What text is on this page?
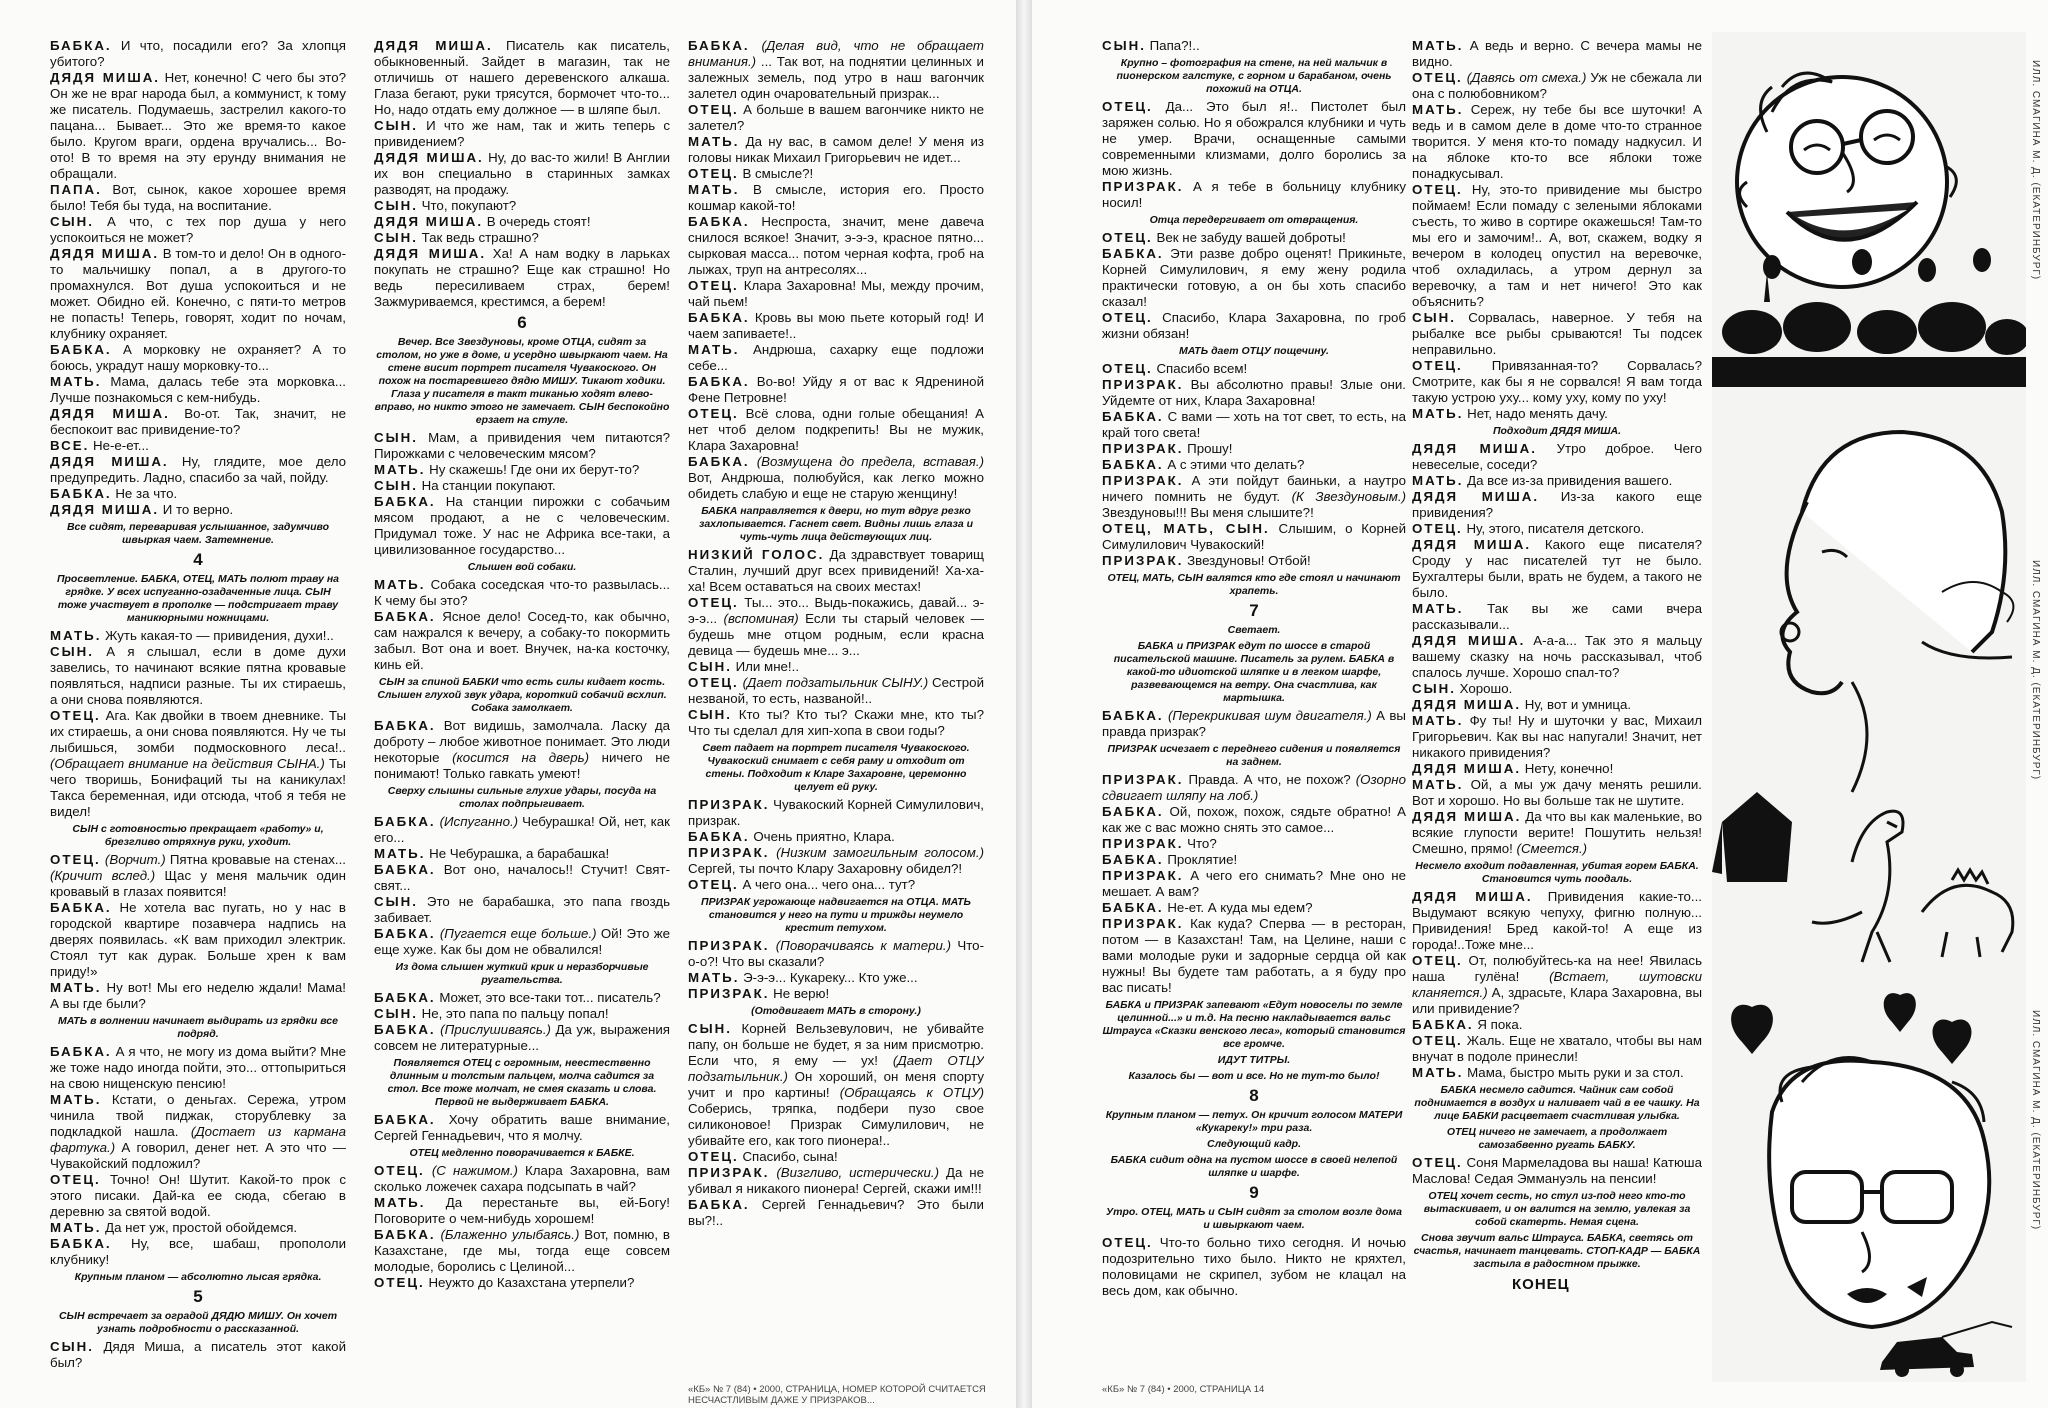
БАБКА. И что, посадили его? За хлопця убитого?

ДЯДЯ МИША. Нет, конечно! С чего бы это? Он же не враг народа был, а коммунист, к тому же писатель. Подумаешь, застрелил какого-то пацана... Бывает... Это же время-то какое было. Кругом враги, ордена вручались... Во-ото! В то время на эту ерунду внимания не обращали.

ПАПА. Вот, сынок, какое хорошее время было! Тебя бы туда, на воспитание.

СЫН. А что, с тех пор душа у него успокоиться не может?

ДЯДЯ МИША. В том-то и дело! Он в одного-то мальчишку попал, а в другого-то промахнулся. Вот душа успокоиться и не может. Обидно ей. Конечно, с пяти-то метров не попасть! Теперь, говорят, ходит по ночам, клубнику охраняет.

БАБКА. А морковку не охраняет? А то боюсь, украдут нашу морковку-то...

МАТЬ. Мама, далась тебе эта морковка... Лучше познакомься с кем-нибудь.

ДЯДЯ МИША. Во-от. Так, значит, не беспокоит вас привидение-то?

ВСЕ. Не-е-ет...

ДЯДЯ МИША. Ну, глядите, мое дело предупредить. Ладно, спасибо за чай, пойду.

БАБКА. Не за что.

ДЯДЯ МИША. И то верно.

Все сидят, переваривая услышанное, задумчиво швыркая чаем. Затемнение.

4

Просветление. БАБКА, ОТЕЦ, МАТЬ полют траву на грядке. У всех испуганно-озадаченные лица. СЫН тоже участвует в прополке — подстригает траву маникюрными ножницами.

МАТЬ. Жуть какая-то — привидения, духи!..

СЫН. А я слышал, если в доме духи завелись, то начинают всякие пятна кровавые появляться, надписи разные. Ты их стираешь, а они снова появляются.

ОТЕЦ. Ага. Как двойки в твоем дневнике. Ты их стираешь, а они снова появляются. Ну че ты лыбишься, зомби подмосковного леса!.. (Обращает внимание на действия СЫНА.) Ты чего творишь, Бонифаций ты на каникулах! Такса беременная, иди отсюда, чтоб я тебя не видел!

СЫН с готовностью прекращает «работу» и, брезгливо отряхнув руки, уходит.

ОТЕЦ. (Ворчит.) Пятна кровавые на стенах... (Кричит вслед.) Щас у меня мальчик один кровавый в глазах появится!

БАБКА. Не хотела вас пугать, но у нас в городской квартире позавчера надпись на дверях появилась. «К вам приходил электрик. Стоял тут как дурак. Больше хрен к вам приду!»

МАТЬ. Ну вот! Мы его неделю ждали! Мама! А вы где были?

МАТЬ в волнении начинает выдирать из грядки все подряд.

БАБКА. А я что, не могу из дома выйти? Мне же тоже надо иногда пойти, это... оттопыриться на свою нищенскую пенсию!

МАТЬ. Кстати, о деньгах. Сережа, утром чинила твой пиджак, сторублевку за подкладкой нашла. (Достает из кармана фартука.) А говорил, денег нет. А это что — Чувакойский подложил?

ОТЕЦ. Точно! Он! Шутит. Какой-то прок с этого писаки. Дай-ка ее сюда, сбегаю в деревню за святой водой.

МАТЬ. Да нет уж, простой обойдемся.

БАБКА. Ну, все, шабаш, пропололи клубнику!

Крупным планом — абсолютно лысая грядка.

5

СЫН встречает за оградой ДЯДЮ МИШУ. Он хочет узнать подробности о рассказанной.

СЫН. Дядя Миша, а писатель этот какой был?

ДЯДЯ МИША. Писатель как писатель, обыкновенный. Зайдет в магазин, так не отличишь от нашего деревенского алкаша. Глаза бегают, руки трясутся, бормочет что-то... Но, надо отдать ему должное — в шляпе был.

СЫН. И что же нам, так и жить теперь с привидением?

ДЯДЯ МИША. Ну, до вас-то жили! В Англии их вон специально в старинных замках разводят, на продажу.

СЫН. Что, покупают?

ДЯДЯ МИША. В очередь стоят!

СЫН. Так ведь страшно?

ДЯДЯ МИША. Ха! А нам водку в ларьках покупать не страшно? Еще как страшно! Но ведь пересиливаем страх, берем! Зажмуриваемся, крестимся, а берем!

6

Вечер. Все Звездуновы, кроме ОТЦА, сидят за столом, но уже в доме, и усердно швыркают чаем. На стене висит портрет писателя Чувакоского. Он похож на постаревшего дядю МИШУ. Тикают ходики. Глаза у писателя в такт тиканью ходят влево-вправо, но никто этого не замечает. СЫН беспокойно ерзает на стуле.

СЫН. Мам, а привидения чем питаются? Пирожками с человеческим мясом?

МАТЬ. Ну скажешь! Где они их берут-то?

СЫН. На станции покупают.

БАБКА. На станции пирожки с собачьим мясом продают, а не с человеческим. Придумал тоже. У нас не Африка все-таки, а цивилизованное государство...

Слышен вой собаки.

МАТЬ. Собака соседская что-то развылась... К чему бы это?

БАБКА. Ясное дело! Сосед-то, как обычно, сам нажрался к вечеру, а собаку-то покормить забыл. Вот она и воет. Внучек, на-ка косточку, кинь ей.

СЫН за спиной БАБКИ что есть силы кидает кость. Слышен глухой звук удара, короткий собачий всхлип. Собака замолкает.

БАБКА. Вот видишь, замолчала. Ласку да доброту – любое животное понимает. Это люди некоторые (косится на дверь) ничего не понимают! Только гавкать умеют!

Сверху слышны сильные глухие удары, посуда на столах подпрыгивает.

БАБКА. (Испуганно.) Чебурашка! Ой, нет, как его...

МАТЬ. Не Чебурашка, а барабашка!

БАБКА. Вот оно, началось!! Стучит! Свят-свят...

СЫН. Это не барабашка, это папа гвоздь забивает.

БАБКА. (Пугается еще больше.) Ой! Это же еще хуже. Как бы дом не обвалился!

Из дома слышен жуткий крик и неразборчивые ругательства.

БАБКА. Может, это все-таки тот... писатель?

СЫН. Не, это папа по пальцу попал!

БАБКА. (Прислушиваясь.) Да уж, выражения совсем не литературные...

Появляется ОТЕЦ с огромным, неестественно длинным и толстым пальцем, молча садится за стол. Все тоже молчат, не смея сказать и слова. Первой не выдерживает БАБКА.

БАБКА. Хочу обратить ваше внимание, Сергей Геннадьевич, что я молчу.

ОТЕЦ медленно поворачивается к БАБКЕ.

ОТЕЦ. (С нажимом.) Клара Захаровна, вам сколько ложечек сахара подсыпать в чай?

МАТЬ. Да перестаньте вы, ей-Богу! Поговорите о чем-нибудь хорошем!

БАБКА. (Блаженно улыбаясь.) Вот, помню, в Казахстане, где мы, тогда еще совсем молодые, боролись с Целиной...

ОТЕЦ. Неужто до Казахстана утерпели?

БАБКА. (Делая вид, что не обращает внимания.) ... Так вот, на поднятии целинных и залежных земель, под утро в наш вагончик залетел один очаровательный призрак...

ОТЕЦ. А больше в вашем вагончике никто не залетел?

МАТЬ. Да ну вас, в самом деле! У меня из головы никак Михаил Григорьевич не идет...

ОТЕЦ. В смысле?!

МАТЬ. В смысле, история его. Просто кошмар какой-то!

БАБКА. Неспроста, значит, мене давеча снилося всякое! Значит, э-э-э, красное пятно... сырковая масса... потом черная кофта, гроб на лыжах, труп на антресолях...

ОТЕЦ. Клара Захаровна! Мы, между прочим, чай пьем!

БАБКА. Кровь вы мою пьете который год! И чаем запиваете!..

МАТЬ. Андрюша, сахарку еще подложи себе...

БАБКА. Во-во! Уйду я от вас к Ядрениной Фене Петровне!

ОТЕЦ. Всё слова, одни голые обещания! А нет чтоб делом подкрепить! Вы не мужик, Клара Захаровна!

БАБКА. (Возмущена до предела, вставая.) Вот, Андрюша, полюбуйся, как легко можно обидеть слабую и еще не старую женщину!

БАБКА направляется к двери, но тут вдруг резко захлопывается. Гаснет свет. Видны лишь глаза и чуть-чуть лица действующих лиц.

НИЗКИЙ ГОЛОС. Да здравствует товарищ Сталин, лучший друг всех привидений! Ха-ха-ха! Всем оставаться на своих местах!

ОТЕЦ. Ты... это... Выдь-покажись, давай... э-э-э... (вспоминая) Если ты старый человек — будешь мне отцом родным, если красна девица — будешь мне... э...

СЫН. Или мне!..

ОТЕЦ. (Дает подзатыльник СЫНУ.) Сестрой незваной, то есть, названой!..

СЫН. Кто ты? Кто ты? Скажи мне, кто ты? Что ты сделал для хип-хопа в свои годы?

Свет падает на портрет писателя Чувакоского. Чувакоский снимает с себя раму и отходит от стены. Подходит к Кларе Захаровне, церемонно целует ей руку.

ПРИЗРАК. Чувакоский Корней Симулилович, призрак.

БАБКА. Очень приятно, Клара.

ПРИЗРАК. (Низким замогильным голосом.) Сергей, ты почто Клару Захаровну обидел?!

ОТЕЦ. А чего она... чего она... тут?

ПРИЗРАК угрожающе надвигается на ОТЦА. МАТЬ становится у него на пути и трижды неумело крестит петухом.

ПРИЗРАК. (Поворачиваясь к матери.) Что-о-о?! Что вы сказали?

МАТЬ. Э-э-э... Кукареку... Кто уже...

ПРИЗРАК. Не верю!

(Отодвигает МАТЬ в сторону.)

СЫН. Корней Вельзевулович, не убивайте папу, он больше не будет, я за ним присмотрю. Если что, я ему — ух! (Дает ОТЦУ подзатыльник.) Он хороший, он меня спорту учит и про картины! (Обращаясь к ОТЦУ) Соберись, тряпка, подбери пузо свое силиконовое! Призрак Симулилович, не убивайте его, как того пионера!..

ОТЕЦ. Спасибо, сына!

ПРИЗРАК. (Визгливо, истерически.) Да не убивал я никакого пионера! Сергей, скажи им!!!

БАБКА. Сергей Геннадьевич? Это были вы?!..

«КБ» № 7 (84) • 2000, СТРАНИЦА, НОМЕР КОТОРОЙ СЧИТАЕТСЯ НЕСЧАСТЛИВЫМ ДАЖЕ У ПРИЗРАКОВ...

СЫН. Папа?!..

Крупно – фотография на стене, на ней мальчик в пионерском галстуке, с горном и барабаном, очень похожий на ОТЦА.

ОТЕЦ. Да... Это был я!.. Пистолет был заряжен солью. Но я обожрался клубники и чуть не умер. Врачи, оснащенные самыми современными клизмами, долго боролись за мою жизнь.

ПРИЗРАК. А я тебе в больницу клубнику носил!

Отца передергивает от отвращения.

ОТЕЦ. Век не забуду вашей доброты!

БАБКА. Эти разве добро оценят! Прикиньте, Корней Симулилович, я ему жену родила практически готовую, а он бы хоть спасибо сказал!

ОТЕЦ. Спасибо, Клара Захаровна, по гроб жизни обязан!

МАТЬ дает ОТЦУ пощечину.

ОТЕЦ. Спасибо всем!

ПРИЗРАК. Вы абсолютно правы! Злые они. Уйдемте от них, Клара Захаровна!

БАБКА. С вами — хоть на тот свет, то есть, на край того света!

ПРИЗРАК. Прошу!

БАБКА. А с этими что делать?

ПРИЗРАК. А эти пойдут баиньки, а наутро ничего помнить не будут. (К Звездуновым.) Звездуновы!!! Вы меня слышите?!

ОТЕЦ, МАТЬ, СЫН. Слышим, о Корней Симулилович Чувакоский!

ПРИЗРАК. Звездуновы! Отбой!

ОТЕЦ, МАТЬ, СЫН валятся кто где стоял и начинают храпеть.

7

Светает.

БАБКА и ПРИЗРАК едут по шоссе в старой писательской машине. Писатель за рулем. БАБКА в какой-то идиотской шляпке и в легком шарфе, развевающемся на ветру. Она счастлива, как мартышка.

БАБКА. (Перекрикивая шум двигателя.) А вы правда призрак?

ПРИЗРАК исчезает с переднего сидения и появляется на заднем.

ПРИЗРАК. Правда. А что, не похож? (Озорно сдвигает шляпу на лоб.)

БАБКА. Ой, похож, похож, сядьте обратно! А как же с вас можно снять это самое...

ПРИЗРАК. Что?

БАБКА. Проклятие!

ПРИЗРАК. А чего его снимать? Мне оно не мешает. А вам?

БАБКА. Не-ет. А куда мы едем?

ПРИЗРАК. Как куда? Сперва — в ресторан, потом — в Казахстан! Там, на Целине, наши с вами молодые руки и задорные сердца ой как нужны! Вы будете там работать, а я буду про вас писать!

БАБКА и ПРИЗРАК запевают «Едут новоселы по земле целинной...» и т.д. На песню накладывается вальс Штрауса «Сказки венского леса», который становится все громче.

ИДУТ ТИТРЫ.

Казалось бы — вот и все. Но не тут-то было!

8

Крупным планом — петух. Он кричит голосом МАТЕРИ «Кукареку!» три раза.

Следующий кадр.

БАБКА сидит одна на пустом шоссе в своей нелепой шляпке и шарфе.

9

Утро. ОТЕЦ, МАТЬ и СЫН сидят за столом возле дома и швыркают чаем.

ОТЕЦ. Что-то больно тихо сегодня. И ночью подозрительно тихо было. Никто не кряхтел, половицами не скрипел, зубом не клацал на весь дом, как обычно.

МАТЬ. А ведь и верно. С вечера мамы не видно.

ОТЕЦ. (Давясь от смеха.) Уж не сбежала ли она с полюбовником?

МАТЬ. Сереж, ну тебе бы все шуточки! А ведь и в самом деле в доме что-то странное творится. У меня кто-то помаду надкусил. И на яблоке кто-то все яблоки тоже понадкусывал.

ОТЕЦ. Ну, это-то привидение мы быстро поймаем! Если помаду с зелеными яблоками съесть, то живо в сортире окажешься! Там-то мы его и замочим!.. А, вот, скажем, водку я вечером в колодец опустил на веревочке, чтоб охладилась, а утром дернул за веревочку, а там и нет ничего! Это как объяснить?

СЫН. Сорвалась, наверное. У тебя на рыбалке все рыбы срываются! Ты подсек неправильно.

ОТЕЦ. Привязанная-то? Сорвалась? Смотрите, как бы я не сорвался! Я вам тогда такую устрою уху... кому уху, кому по уху!

МАТЬ. Нет, надо менять дачу.

Подходит ДЯДЯ МИША.

ДЯДЯ МИША. Утро доброе. Чего невеселые, соседи?

МАТЬ. Да все из-за привидения вашего.

ДЯДЯ МИША. Из-за какого еще привидения?

ОТЕЦ. Ну, этого, писателя детского.

ДЯДЯ МИША. Какого еще писателя? Сроду у нас писателей тут не было. Бухгалтеры были, врать не будем, а такого не было.

МАТЬ. Так вы же сами вчера рассказывали...

ДЯДЯ МИША. А-а-а... Так это я мальцу вашему сказку на ночь рассказывал, чтоб спалось лучше. Хорошо спал-то?

СЫН. Хорошо.

ДЯДЯ МИША. Ну, вот и умница.

МАТЬ. Фу ты! Ну и шуточки у вас, Михаил Григорьевич. Как вы нас напугали! Значит, нет никакого привидения?

ДЯДЯ МИША. Нету, конечно!

МАТЬ. Ой, а мы уж дачу менять решили. Вот и хорошо. Но вы больше так не шутите.

ДЯДЯ МИША. Да что вы как маленькие, во всякие глупости верите! Пошутить нельзя! Смешно, прямо! (Смеется.)

Несмело входит подавленная, убитая горем БАБКА. Становится чуть поодаль.

ДЯДЯ МИША. Привидения какие-то... Выдумают всякую чепуху, фигню полную... Привидения! Бред какой-то! А еще из города!..Тоже мне...

ОТЕЦ. От, полюбуйтесь-ка на нее! Явилась наша гулёна! (Встает, шутовски кланяется.) А, здрасьте, Клара Захаровна, вы или привидение?

БАБКА. Я пока.

ОТЕЦ. Жаль. Еще не хватало, чтобы вы нам внучат в подоле принесли!

МАТЬ. Мама, быстро мыть руки и за стол.

БАБКА несмело садится. Чайник сам собой поднимается в воздух и наливает чай в ее чашку. На лице БАБКИ расцветает счастливая улыбка.

ОТЕЦ ничего не замечает, а продолжает самозабвенно ругать БАБКУ.

ОТЕЦ. Соня Мармеладова вы наша! Катюша Маслова! Седая Эммануэль на пенсии!

ОТЕЦ хочет сесть, но стул из-под него кто-то вытаскивает, и он валится на землю, увлекая за собой скатерть. Немая сцена.

Снова звучит вальс Штрауса. БАБКА, светясь от счастья, начинает танцевать. СТОП-КАДР — БАБКА застыла в радостном прыжке.

КОНЕЦ

«КБ» № 7 (84) • 2000, СТРАНИЦА 14
ИЛЛ. СМАГИНА М. Д. (ЕКАТЕРИНБУРГ)
ИЛЛ. СМАГИНА М. Д. (ЕКАТЕРИНБУРГ)
ИЛЛ. СМАГИНА М. Д. (ЕКАТЕРИНБУРГ)
